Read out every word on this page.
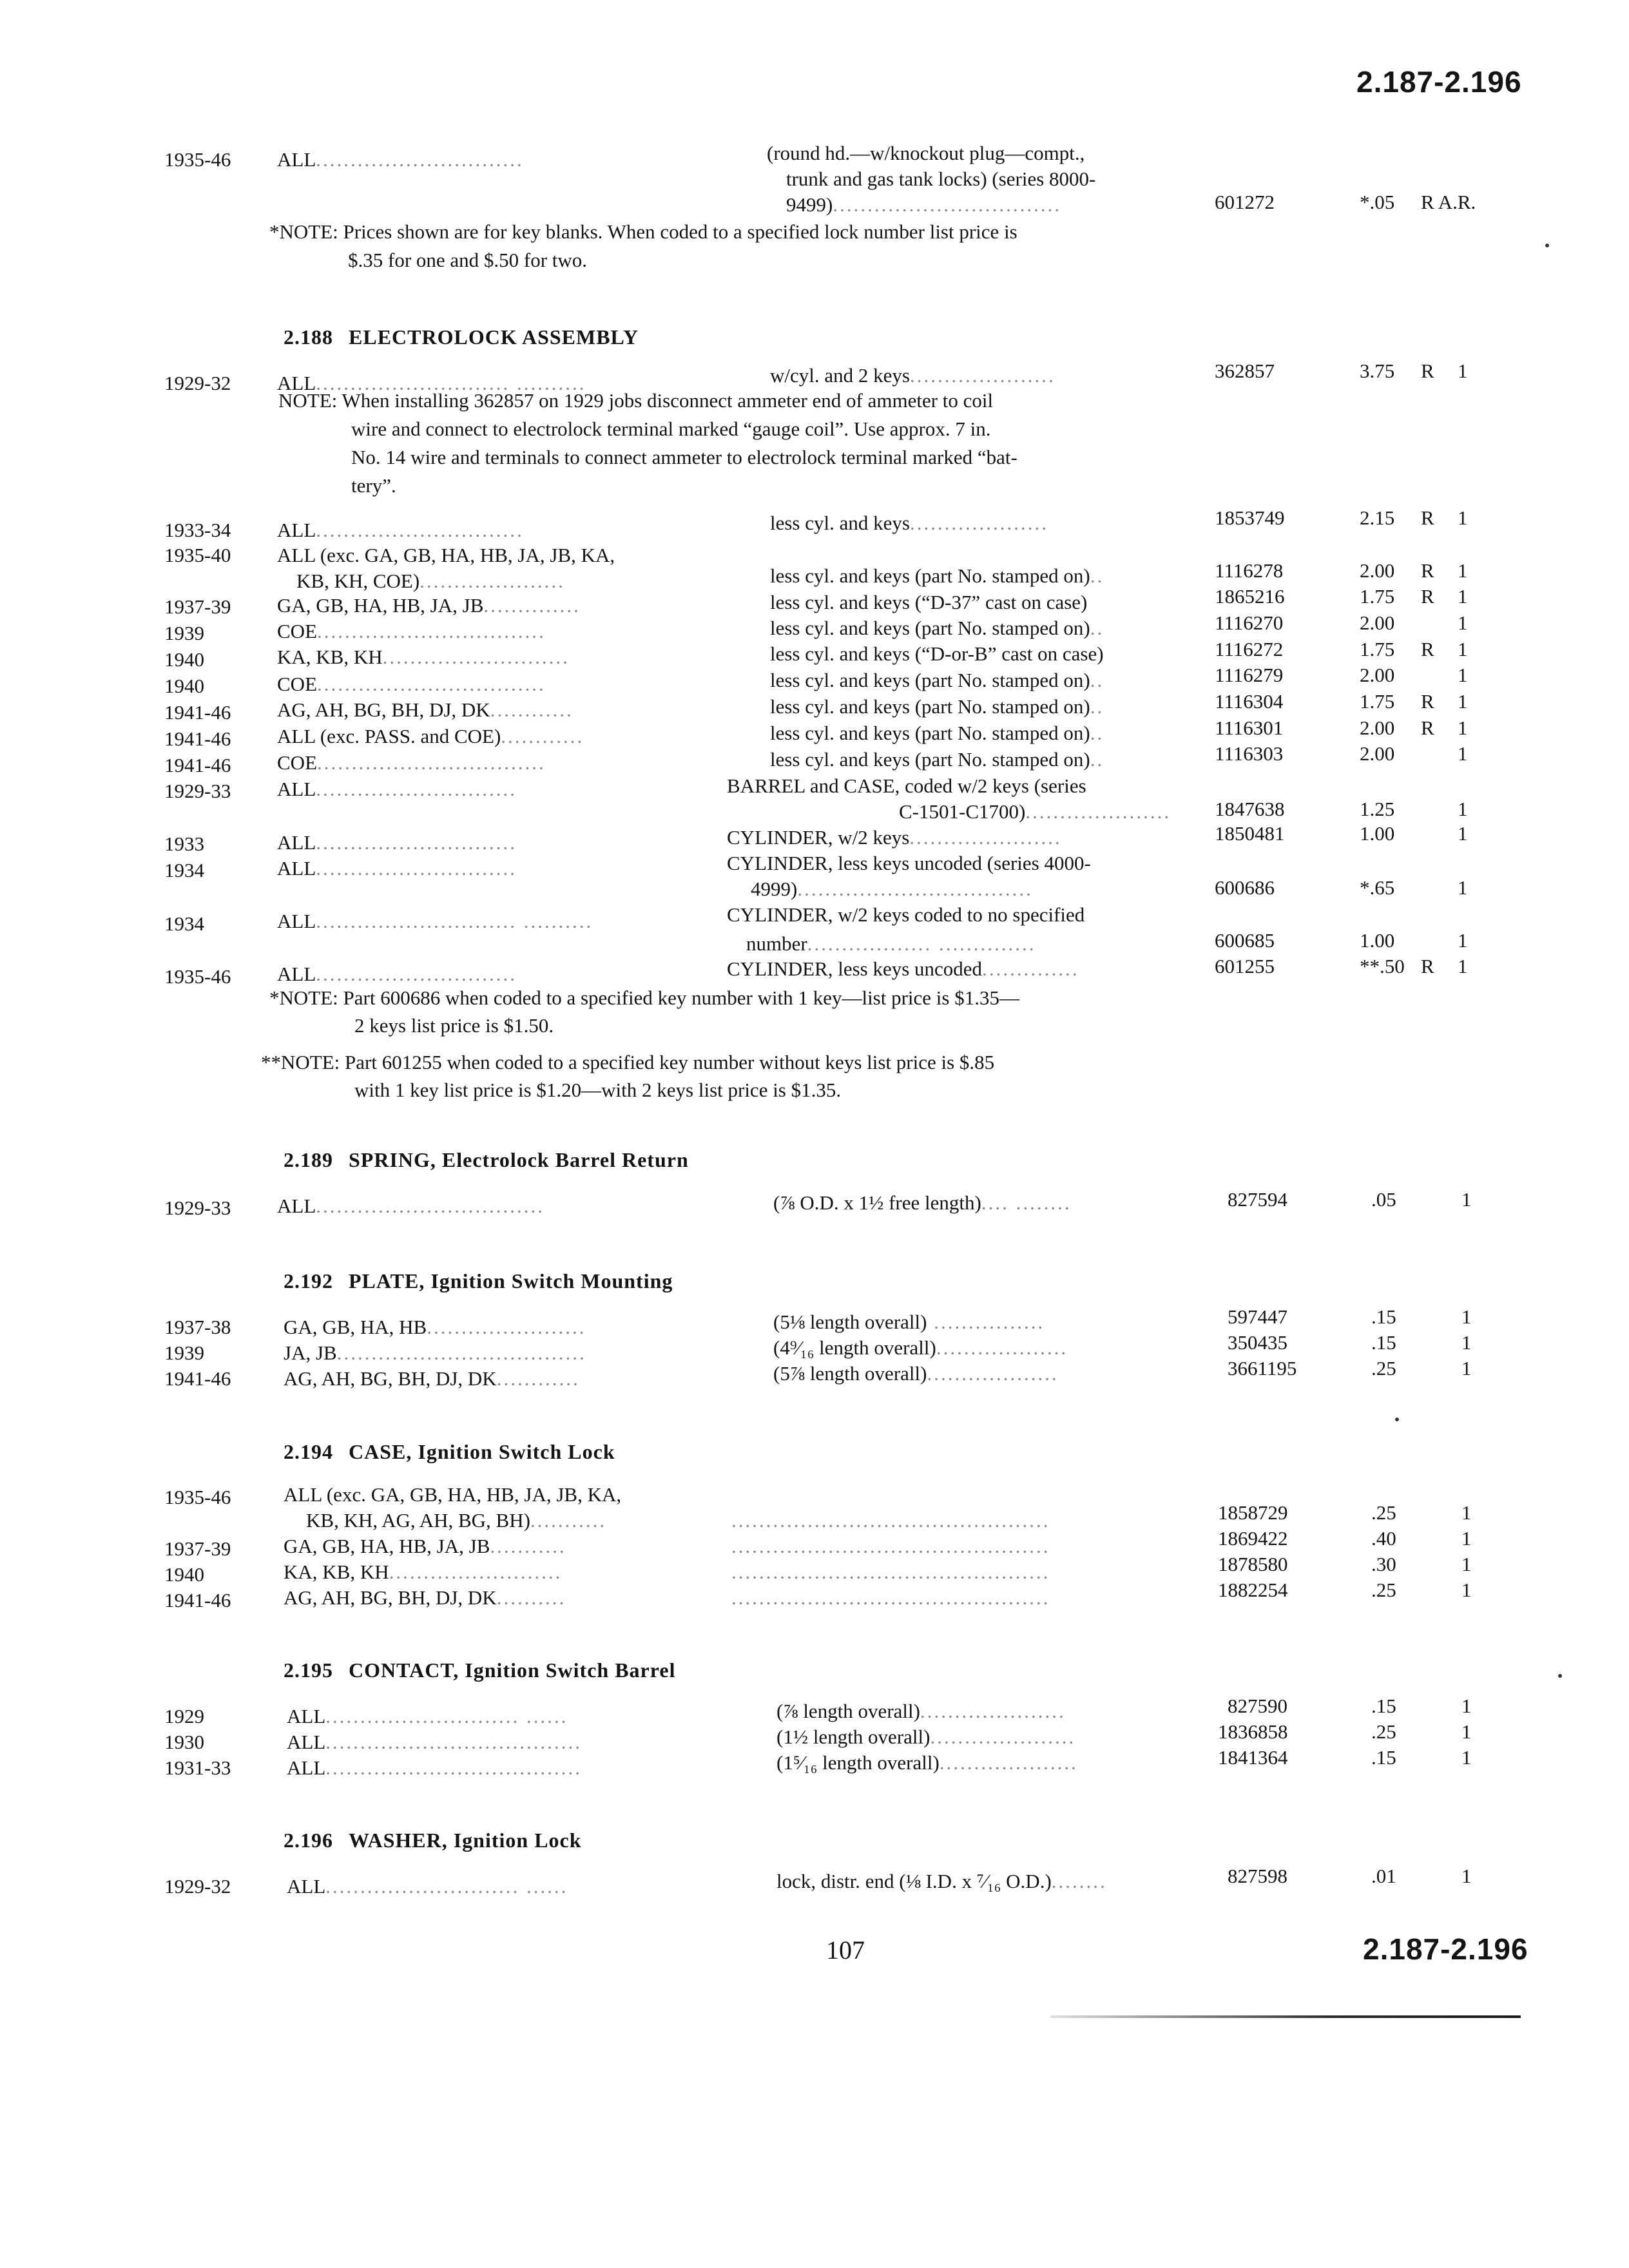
2.187-2.196
107	2.187-2.196
1935-46 ALL..............................	(round hd.—w/knockout plug—compt.,
trunk and gas tank locks) (series 8000-
9499).................................	601272	*.05 R A.R.
*NOTE: Prices shown are for key blanks. When coded to a specified lock number list price is
$.35 for one and $.50 for two.
2.188 ELECTROLOCK ASSEMBLY
1929-32 ALL............................ ..........	w/cyl. and 2 keys.....................	362857	3.75 R 1
NOTE: When installing 362857 on 1929 jobs disconnect ammeter end of ammeter to coil
wire and connect to electrolock terminal marked “gauge coil”. Use approx. 7 in.
No. 14 wire and terminals to connect ammeter to electrolock terminal marked “bat-
tery”.
1933-34 ALL..............................	less cyl. and keys....................	1853749	2.15 R 1
1935-40 ALL (exc. GA, GB, HA, HB, JA, JB, KA,
KB, KH, COE).....................	less cyl. and keys (part No. stamped on)..	1116278	2.00 R 1
1937-39 GA, GB, HA, HB, JA, JB..............	less cyl. and keys (“D-37” cast on case)	1865216	1.75 R 1
1939	COE.................................	less cyl. and keys (part No. stamped on)..	1116270	2.00	1
1940	KA, KB, KH...........................	less cyl. and keys (“D-or-B” cast on case)	1116272	1.75 R 1
1940	COE.................................	less cyl. and keys (part No. stamped on)..	1116279	2.00	1
1941-46 AG, AH, BG, BH, DJ, DK............	less cyl. and keys (part No. stamped on)..	1116304	1.75 R 1
1941-46 ALL (exc. PASS. and COE)............	less cyl. and keys (part No. stamped on)..	1116301	2.00 R 1
1941-46 COE.................................	less cyl. and keys (part No. stamped on)..	1116303	2.00	1
1929-33 ALL.............................	BARREL and CASE, coded w/2 keys (series
C-1501-C1700)..................... 1847638	1.25	1
1933	ALL.............................	CYLINDER, w/2 keys......................	1850481	1.00	1
1934	ALL.............................	CYLINDER, less keys uncoded (series 4000-
4999)..................................	600686	*.65	1
1934	ALL............................. ..........	CYLINDER, w/2 keys coded to no specified
number.................. ..............	600685	1.00	1
1935-46 ALL.............................	CYLINDER, less keys uncoded..............	601255	**.50 R 1
*NOTE: Part 600686 when coded to a specified key number with 1 key—list price is $1.35—
2 keys list price is $1.50.
**NOTE: Part 601255 when coded to a specified key number without keys list price is $.85
with 1 key list price is $1.20—with 2 keys list price is $1.35.
2.189 SPRING, Electrolock Barrel Return
1929-33 ALL.................................	(⅞ O.D. x 1½ free length).... ........	827594	.05	1
2.192 PLATE, Ignition Switch Mounting
1937-38	GA, GB, HA, HB.......................	(5⅛ length overall) ................	597447	.15	1
1939	JA, JB....................................	(4⁹⁄₁₆ length overall)...................	350435	.15	1
1941-46	AG, AH, BG, BH, DJ, DK............	(5⅞ length overall)...................	3661195	.25	1
2.194 CASE, Ignition Switch Lock
1935-46	ALL (exc. GA, GB, HA, HB, JA, JB, KA,
KB, KH, AG, AH, BG, BH)...........	..............................................	1858729	.25	1
1937-39	GA, GB, HA, HB, JA, JB...........	..............................................	1869422	.40	1
1940	KA, KB, KH.........................	..............................................	1878580	.30	1
1941-46	AG, AH, BG, BH, DJ, DK..........	..............................................	1882254	.25	1
2.195 CONTACT, Ignition Switch Barrel
1929	ALL............................ ......	(⅞ length overall).....................	827590	.15	1
1930	ALL.....................................	(1½ length overall).....................	1836858	.25	1
1931-33	ALL.....................................	(1⁵⁄₁₆ length overall)....................	1841364	.15	1
2.196 WASHER, Ignition Lock
1929-32	ALL............................ ......	lock, distr. end (⅛ I.D. x ⁷⁄₁₆ O.D.)........	827598	.01	1
